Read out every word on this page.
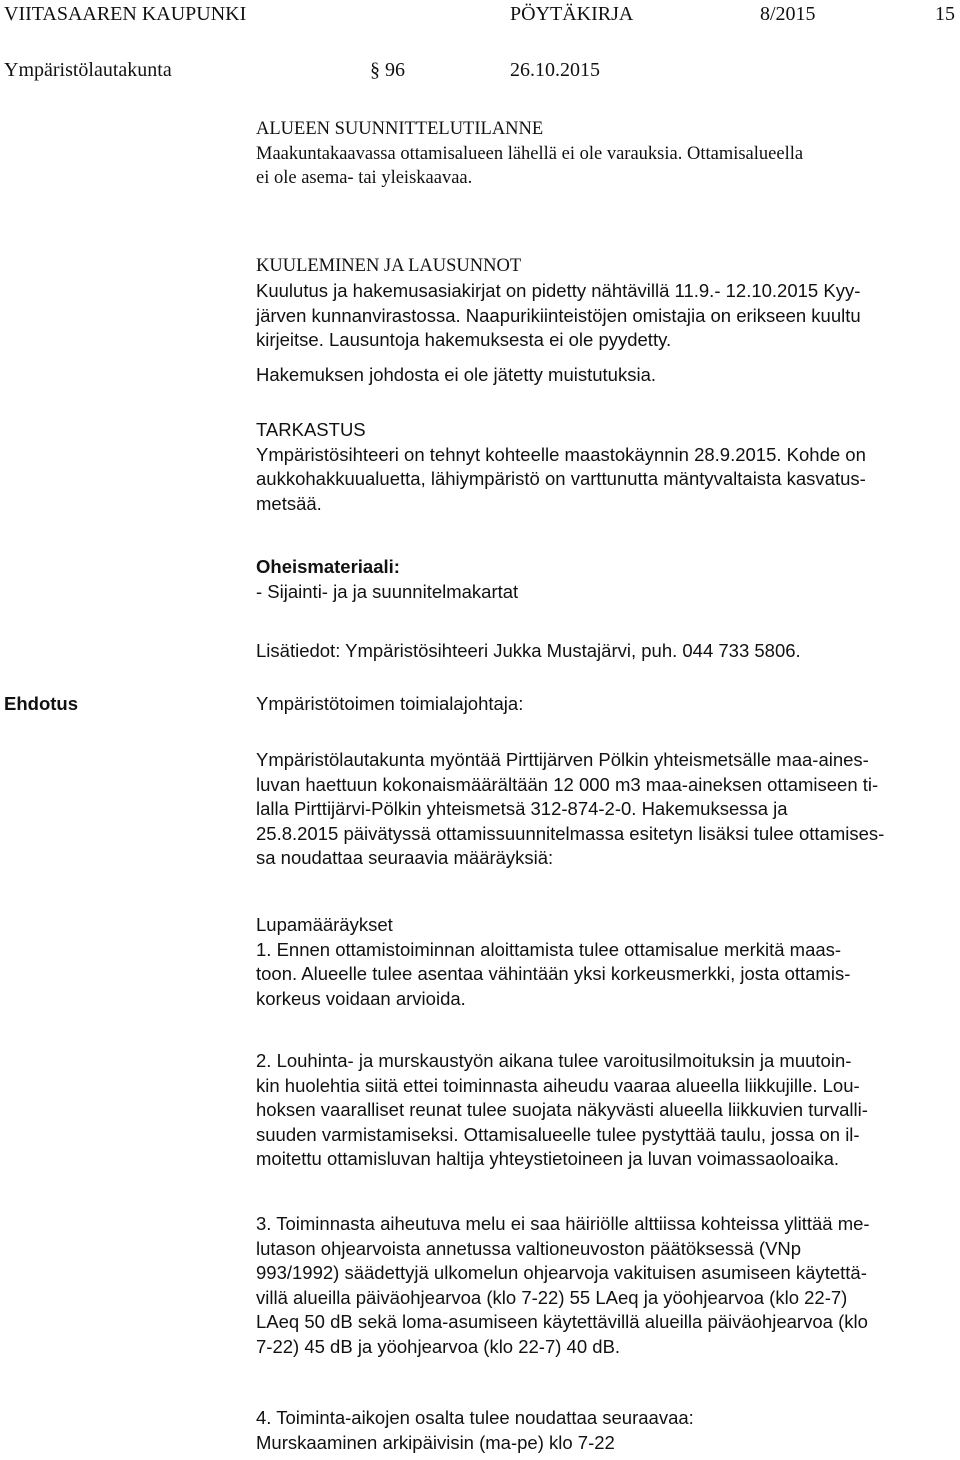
VIITASAAREN KAUPUNKI	PÖYTÄKIRJA	8/2015	15
Ympäristölautakunta	§ 96	26.10.2015

ALUEEN SUUNNITTELUTILANNE

Maakuntakaavassa ottamisalueen lähellä ei ole varauksia. Ottamisalueella

ei ole asema- tai yleiskaavaa.

KUULEMINEN JA LAUSUNNOT

Kuulutus ja hakemusasiakirjat on pidetty nähtävillä 11.9.- 12.10.2015 Kyy-

järven kunnanvirastossa. Naapurikiinteistöjen omistajia on erikseen kuultu

kirjeitse. Lausuntoja hakemuksesta ei ole pyydetty.

Hakemuksen johdosta ei ole jätetty muistutuksia.

TARKASTUS

Ympäristösihteeri on tehnyt kohteelle maastokäynnin 28.9.2015. Kohde on

aukkohakkuualuetta, lähiympäristö on varttunutta mäntyvaltaista kasvatus-

metsää.

Oheismateriaali:

- Sijainti- ja ja suunnitelmakartat

Lisätiedot: Ympäristösihteeri Jukka Mustajärvi, puh. 044 733 5806.

Ehdotus	Ympäristötoimen toimialajohtaja:

Ympäristölautakunta myöntää Pirttijärven Pölkin yhteismetsälle maa-aines-

luvan haettuun kokonaismäärältään 12 000 m3 maa-aineksen ottamiseen ti-

lalla Pirttijärvi-Pölkin yhteismetsä 312-874-2-0. Hakemuksessa ja

25.8.2015 päivätyssä ottamissuunnitelmassa esitetyn lisäksi tulee ottamises-

sa noudattaa seuraavia määräyksiä:

Lupamääräykset

1. Ennen ottamistoiminnan aloittamista tulee ottamisalue merkitä maas-

toon. Alueelle tulee asentaa vähintään yksi korkeusmerkki, josta ottamis-

korkeus voidaan arvioida.

2. Louhinta- ja murskaustyön aikana tulee varoitusilmoituksin ja muutoin-

kin huolehtia siitä ettei toiminnasta aiheudu vaaraa alueella liikkujille. Lou-

hoksen vaaralliset reunat tulee suojata näkyvästi alueella liikkuvien turvalli-

suuden varmistamiseksi. Ottamisalueelle tulee pystyttää taulu, jossa on il-

moitettu ottamisluvan haltija yhteystietoineen ja luvan voimassaoloaika.

3. Toiminnasta aiheutuva melu ei saa häiriölle alttiissa kohteissa ylittää me-

lutason ohjearvoista annetussa valtioneuvoston päätöksessä (VNp

993/1992) säädettyjä ulkomelun ohjearvoja vakituisen asumiseen käytettä-

villä alueilla päiväohjearvoa (klo 7-22) 55 LAeq ja yöohjearvoa (klo 22-7)

LAeq 50 dB sekä loma-asumiseen käytettävillä alueilla päiväohjearvoa (klo

7-22) 45 dB ja yöohjearvoa (klo 22-7) 40 dB.

4. Toiminta-aikojen osalta tulee noudattaa seuraavaa:

Murskaaminen arkipäivisin (ma-pe) klo 7-22
